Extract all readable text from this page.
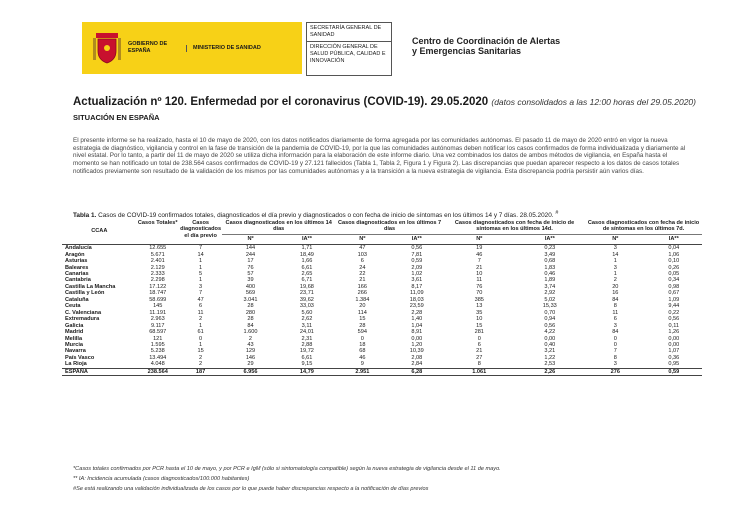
GOBIERNO DE ESPAÑA
MINISTERIO DE SANIDAD
SECRETARÍA GENERAL DE SANIDAD
DIRECCIÓN GENERAL DE SALUD PÚBLICA, CALIDAD E INNOVACIÓN
Centro de Coordinación de Alertas y Emergencias Sanitarias
Actualización nº 120. Enfermedad por el coronavirus (COVID-19). 29.05.2020 (datos consolidados a las 12:00 horas del 29.05.2020)
SITUACIÓN EN ESPAÑA
El presente informe se ha realizado, hasta el 10 de mayo de 2020, con los datos notificados diariamente de forma agregada por las comunidades autónomas. El pasado 11 de mayo de 2020 entró en vigor la nueva estrategia de diagnóstico, vigilancia y control en la fase de transición de la pandemia de COVID-19, por la que las comunidades autónomas deben notificar los casos confirmados de forma individualizada y diariamente al nivel estatal. Por lo tanto, a partir del 11 de mayo de 2020 se utiliza dicha información para la elaboración de este informe diario. Una vez combinados los datos de ambos métodos de vigilancia, en España hasta el momento se han notificado un total de 238.564 casos confirmados de COVID-19 y 27.121 fallecidos (Tabla 1, Tabla 2, Figura 1 y Figura 2). Las discrepancias que puedan aparecer respecto a los datos de casos totales notificados previamente son resultado de la validación de los mismos por las comunidades autónomas y a la transición a la nueva estrategia de vigilancia. Esta discrepancia podría persistir aún varios días.
Tabla 1. Casos de COVID-19 confirmados totales, diagnosticados el día previo y diagnosticados o con fecha de inicio de síntomas en los últimos 14 y 7 días. 28.05.2020. #
CCAA	Casos Totales*	Casos diagnosticados el día previo	Casos diagnosticados en los últimos 14 días		Casos diagnosticados en los últimos 7 días		Casos diagnosticados con fecha de inicio de síntomas en los últimos 14d.		Casos diagnosticados con fecha de inicio de síntomas en los últimos 7d.	
			Nº	IA**	Nº	IA**	Nº	IA**	Nº	IA**
Andalucía	12.655	7	144	1,71	47	0,56	19	0,23	3	0,04
Aragón	5.671	14	244	18,49	103	7,81	46	3,49	14	1,06
Asturias	2.401	1	17	1,66	6	0,59	7	0,68	1	0,10
Baleares	2.129	1	76	6,61	24	2,09	21	1,83	3	0,26
Canarias	2.333	5	57	2,65	22	1,02	10	0,46	1	0,05
Cantabria	2.298	1	39	6,71	21	3,61	11	1,89	2	0,34
Castilla La Mancha	17.122	3	400	19,68	166	8,17	76	3,74	20	0,98
Castilla y León	18.747	7	569	23,71	266	11,09	70	2,92	16	0,67
Cataluña	58.699	47	3.041	39,62	1.384	18,03	385	5,02	84	1,09
Ceuta	145	6	28	33,03	20	23,59	13	15,33	8	9,44
C. Valenciana	11.191	11	280	5,60	114	2,28	35	0,70	11	0,22
Extremadura	2.963	2	28	2,62	15	1,40	10	0,94	6	0,56
Galicia	9.117	1	84	3,11	28	1,04	15	0,56	3	0,11
Madrid	68.597	61	1.600	24,01	594	8,91	281	4,22	84	1,26
Melilla	121	0	2	2,31	0	0,00	0	0,00	0	0,00
Murcia	1.595	1	43	2,88	18	1,20	6	0,40	0	0,00
Navarra	5.238	15	129	19,72	68	10,39	21	3,21	7	1,07
País Vasco	13.494	2	146	6,61	46	2,08	27	1,22	8	0,36
La Rioja	4.048	2	29	9,15	9	2,84	8	2,53	3	0,95
ESPAÑA	238.564	187	6.956	14,79	2.951	6,28	1.061	2,26	276	0,59
*Casos totales confirmados por PCR hasta el 10 de mayo, y por PCR e IgM (sólo si sintomatología compatible) según la nueva estrategia de vigilancia desde el 11 de mayo.
** IA: Incidencia acumulada (casos diagnosticados/100.000 habitantes)
#Se está realizando una validación individualizada de los casos por lo que puede haber discrepancias respecto a la notificación de días previos
